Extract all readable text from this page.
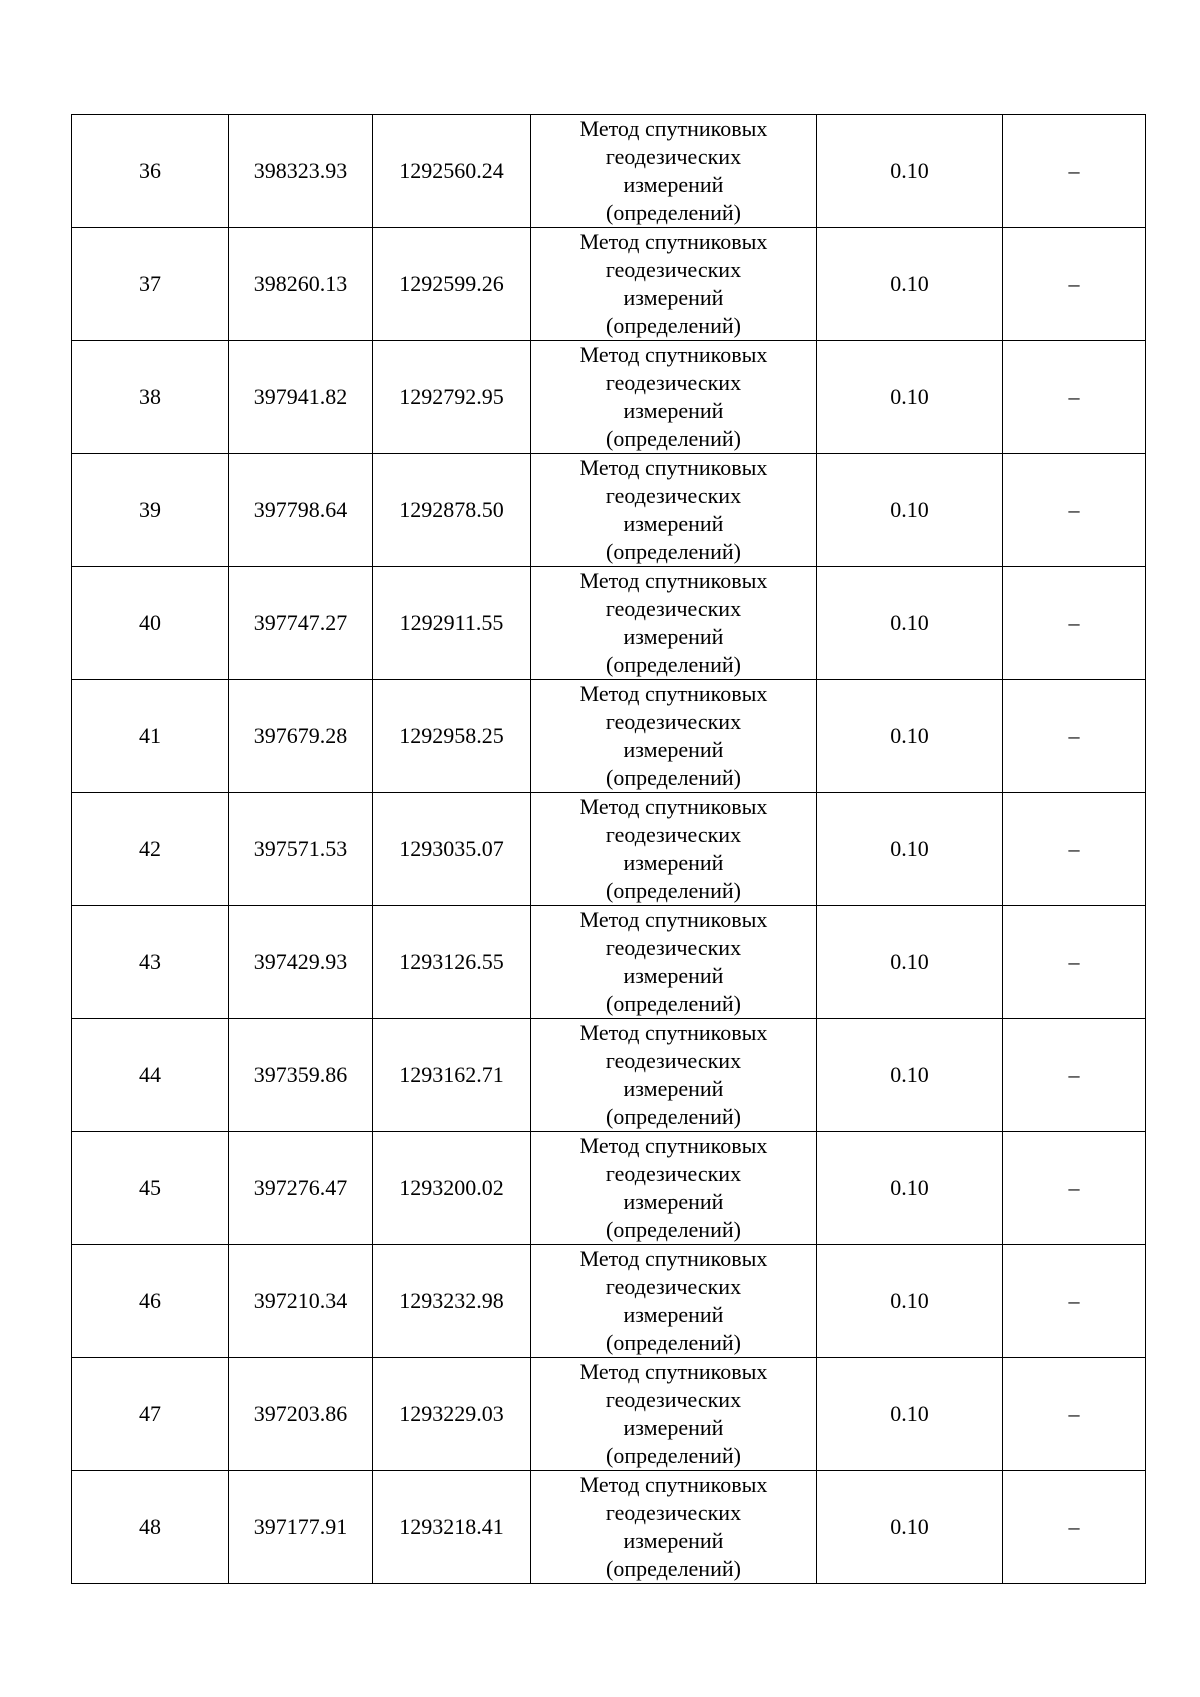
36	398323.93	1292560.24	Метод спутниковых
геодезических
измерений
(определений)	0.10	–
37	398260.13	1292599.26	Метод спутниковых
геодезических
измерений
(определений)	0.10	–
38	397941.82	1292792.95	Метод спутниковых
геодезических
измерений
(определений)	0.10	–
39	397798.64	1292878.50	Метод спутниковых
геодезических
измерений
(определений)	0.10	–
40	397747.27	1292911.55	Метод спутниковых
геодезических
измерений
(определений)	0.10	–
41	397679.28	1292958.25	Метод спутниковых
геодезических
измерений
(определений)	0.10	–
42	397571.53	1293035.07	Метод спутниковых
геодезических
измерений
(определений)	0.10	–
43	397429.93	1293126.55	Метод спутниковых
геодезических
измерений
(определений)	0.10	–
44	397359.86	1293162.71	Метод спутниковых
геодезических
измерений
(определений)	0.10	–
45	397276.47	1293200.02	Метод спутниковых
геодезических
измерений
(определений)	0.10	–
46	397210.34	1293232.98	Метод спутниковых
геодезических
измерений
(определений)	0.10	–
47	397203.86	1293229.03	Метод спутниковых
геодезических
измерений
(определений)	0.10	–
48	397177.91	1293218.41	Метод спутниковых
геодезических
измерений
(определений)	0.10	–
